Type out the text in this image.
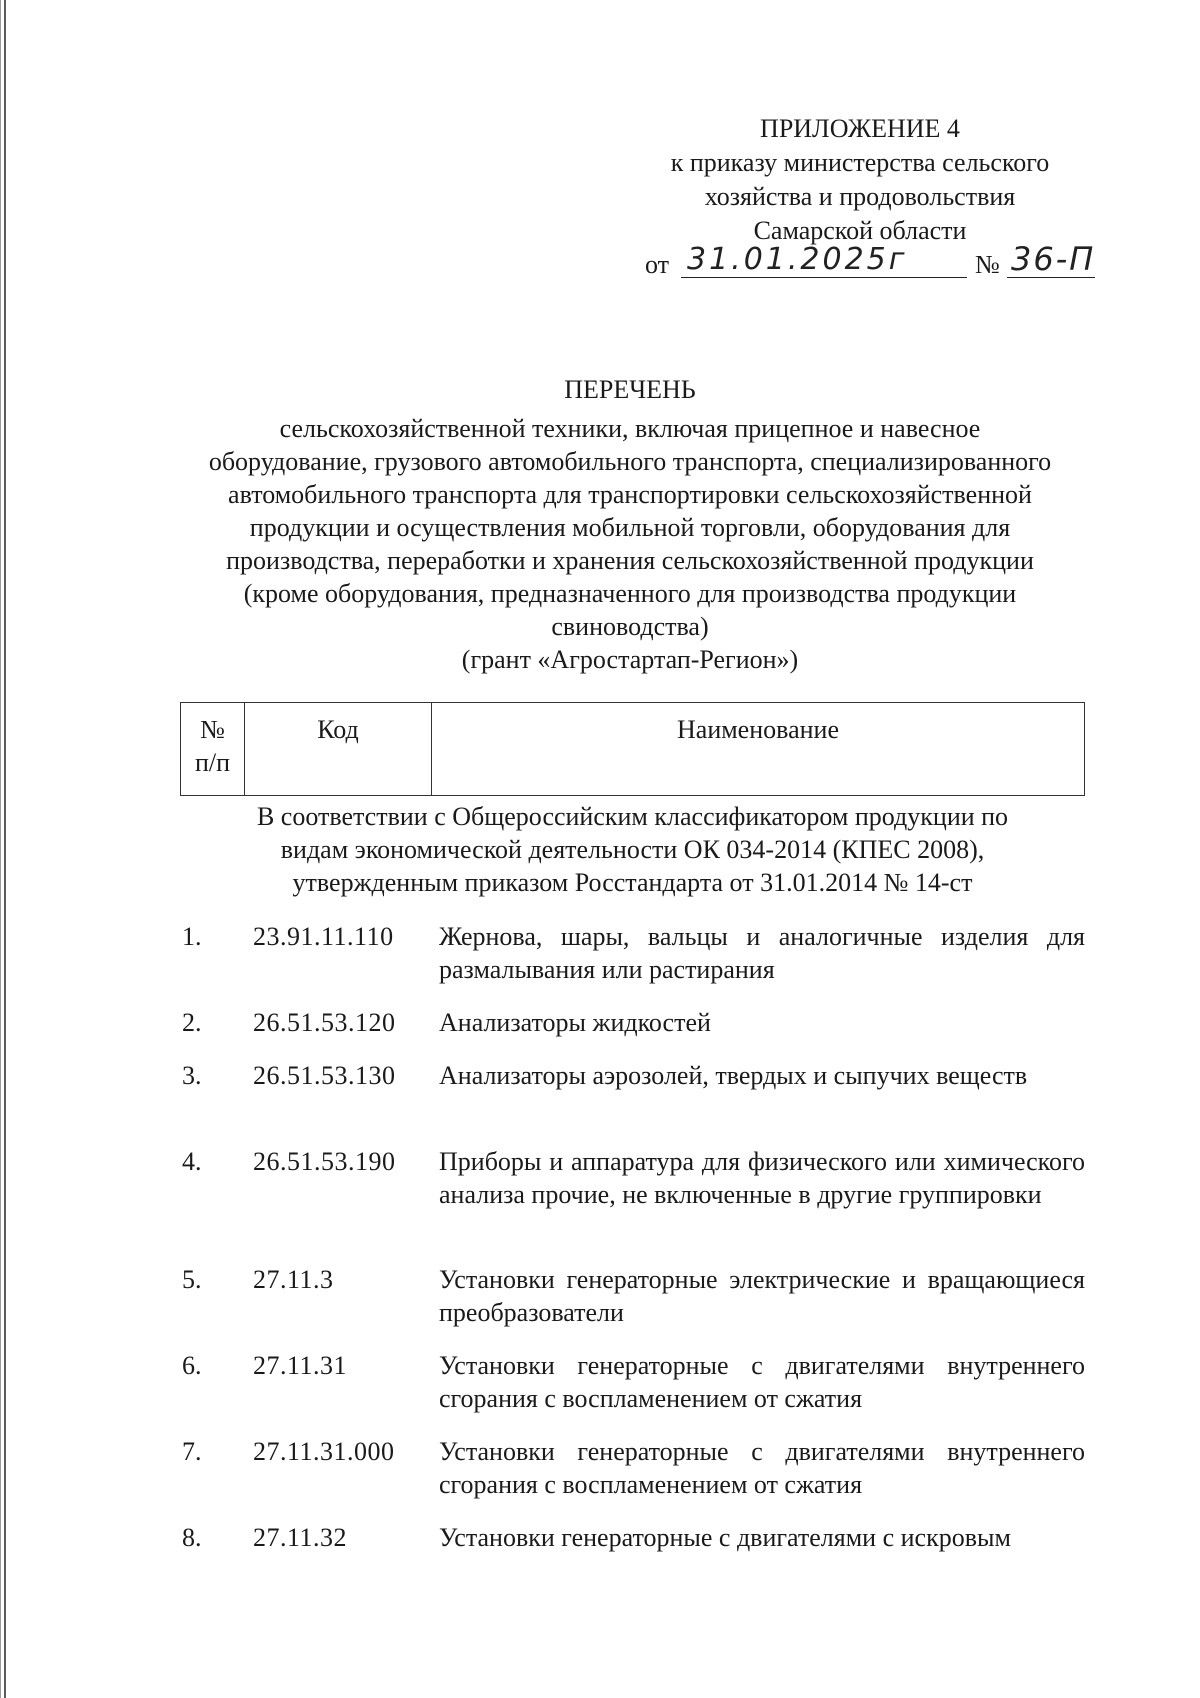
ПРИЛОЖЕНИЕ 4
к приказу министерства сельского
хозяйства и продовольствия
Самарской области
от 31.01.2025г	№ 36-П
ПЕРЕЧЕНЬ
сельскохозяйственной техники, включая прицепное и навесное
оборудование, грузового автомобильного транспорта, специализированного
автомобильного транспорта для транспортировки сельскохозяйственной
продукции и осуществления мобильной торговли, оборудования для
производства, переработки и хранения сельскохозяйственной продукции
(кроме оборудования, предназначенного для производства продукции
свиноводства)
(грант «Агростартап-Регион»)
№
п/п
	Код	Наименование
В соответствии с Общероссийским классификатором продукции по
видам экономической деятельности ОК 034-2014 (КПЕС 2008),
утвержденным приказом Росстандарта от 31.01.2014 № 14-ст
1. 23.91.11.110 Жернова, шары, вальцы и аналогичные изделия для размалывания или растирания
2. 26.51.53.120 Анализаторы жидкостей
3. 26.51.53.130 Анализаторы аэрозолей, твердых и сыпучих веществ
4. 26.51.53.190 Приборы и аппаратура для физического или химического анализа прочие, не включенные в другие группировки
5. 27.11.3	Установки генераторные электрические и вращающиеся преобразователи
6. 27.11.31	Установки генераторные с двигателями внутреннего сгорания с воспламенением от сжатия
7. 27.11.31.000 Установки генераторные с двигателями внутреннего сгорания с воспламенением от сжатия
8. 27.11.32	Установки генераторные с двигателями с искровым
